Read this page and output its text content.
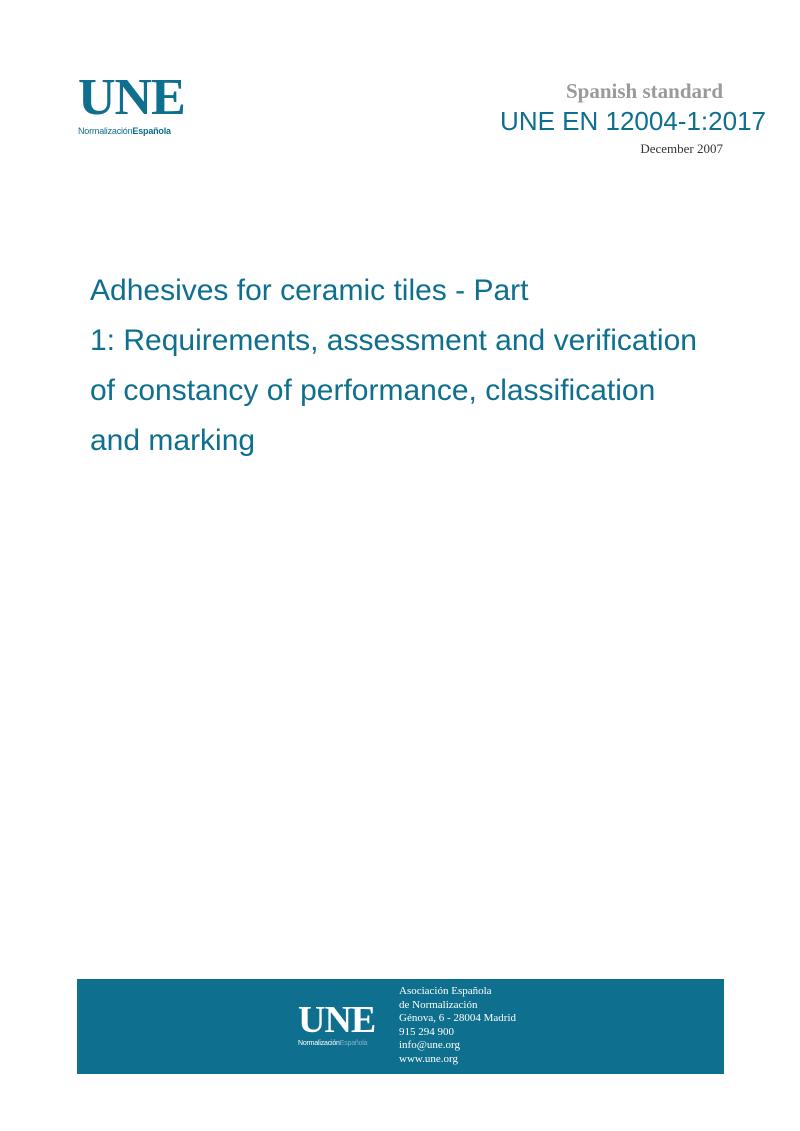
UNE
NormalizaciónEspañola
Spanish standard
UNE EN 12004-1:2017
December 2007
Adhesives for ceramic tiles - Part
1: Requirements, assessment and verification
of constancy of performance, classification
and marking
UNE
NormalizaciónEspañola
Asociación Española
de Normalización
Génova, 6 - 28004 Madrid
915 294 900
info@une.org
www.une.org
